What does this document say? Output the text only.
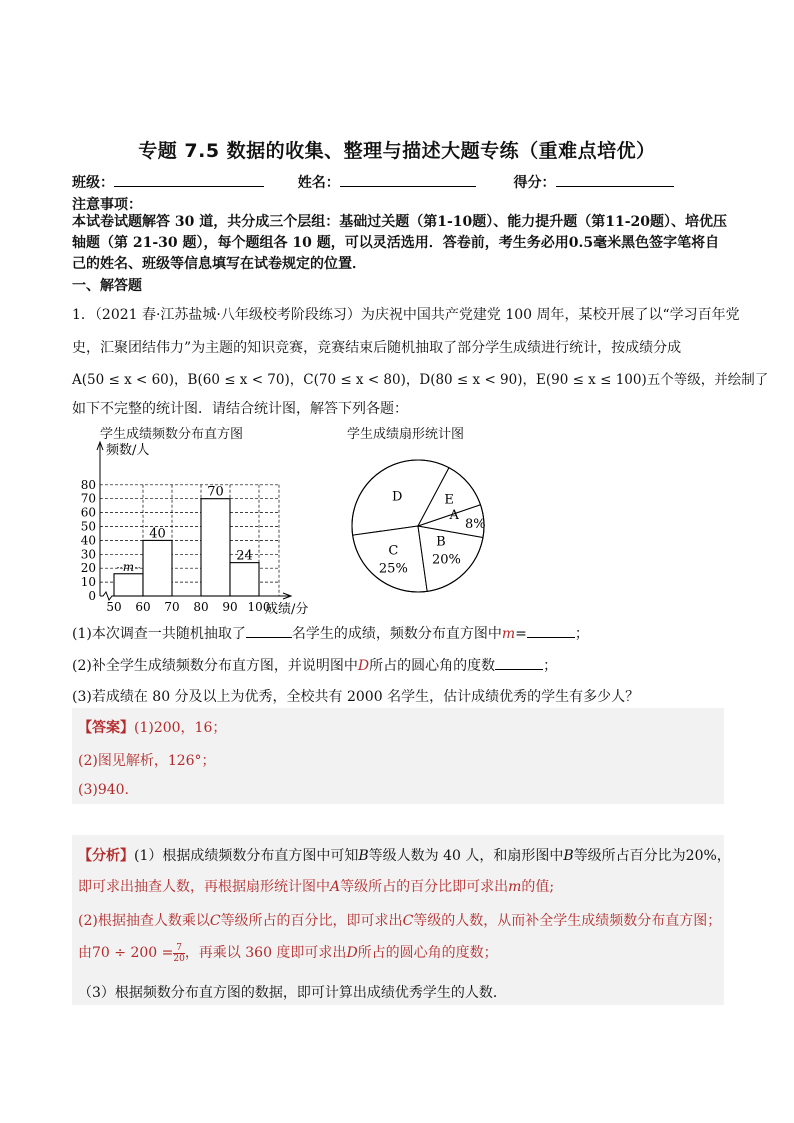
专题 7.5 数据的收集、整理与描述大题专练（重难点培优）
班级：	姓名：	得分：
注意事项：
本试卷试题解答 30 道，共分成三个层组：基础过关题（第1-10题）、能力提升题（第11-20题）、培优压轴题（第 21-30 题），每个题组各 10 题，可以灵活选用．答卷前，考生务必用0.5毫米黑色签字笔将自己的姓名、班级等信息填写在试卷规定的位置．
一、解答题
1．（2021 春·江苏盐城·八年级校考阶段练习）为庆祝中国共产党建党 100 周年，某校开展了以“学习百年党
史，汇聚团结伟力”为主题的知识竞赛，竞赛结束后随机抽取了部分学生成绩进行统计，按成绩分成
A(50 ≤ x < 60)，B(60 ≤ x < 70)，C(70 ≤ x < 80)，D(80 ≤ x < 90)，E(90 ≤ x ≤ 100)五个等级，并绘制了
如下不完整的统计图．请结合统计图，解答下列各题：
学生成绩频数分布直方图
m
40
70
24
0
10
20
30
40
50
60
70
80
50 60 70 80 90 100
频数/人
成绩/分
学生成绩扇形统计图
D
C
25%
B
20%
A
8%
E
(1)本次调查一共随机抽取了	名学生的成绩，频数分布直方图中m=	；
(2)补全学生成绩频数分布直方图，并说明图中D所占的圆心角的度数	；
(3)若成绩在 80 分及以上为优秀，全校共有 2000 名学生，估计成绩优秀的学生有多少人？
【答案】(1)200，16；
(2)图见解析，126°；
(3)940.
【分析】(1）根据成绩频数分布直方图中可知B等级人数为 40 人，和扇形图中B等级所占百分比为20%，
即可求出抽查人数，再根据扇形统计图中A等级所占的百分比即可求出m的值;
(2)根据抽查人数乘以C等级所占的百分比，即可求出C等级的人数，从而补全学生成绩频数分布直方图；
由$70 \div 200 = \frac{7}{20}$ ，再乘以 360 度即可求出D所占的圆心角的度数；
（3）根据频数分布直方图的数据，即可计算出成绩优秀学生的人数．
